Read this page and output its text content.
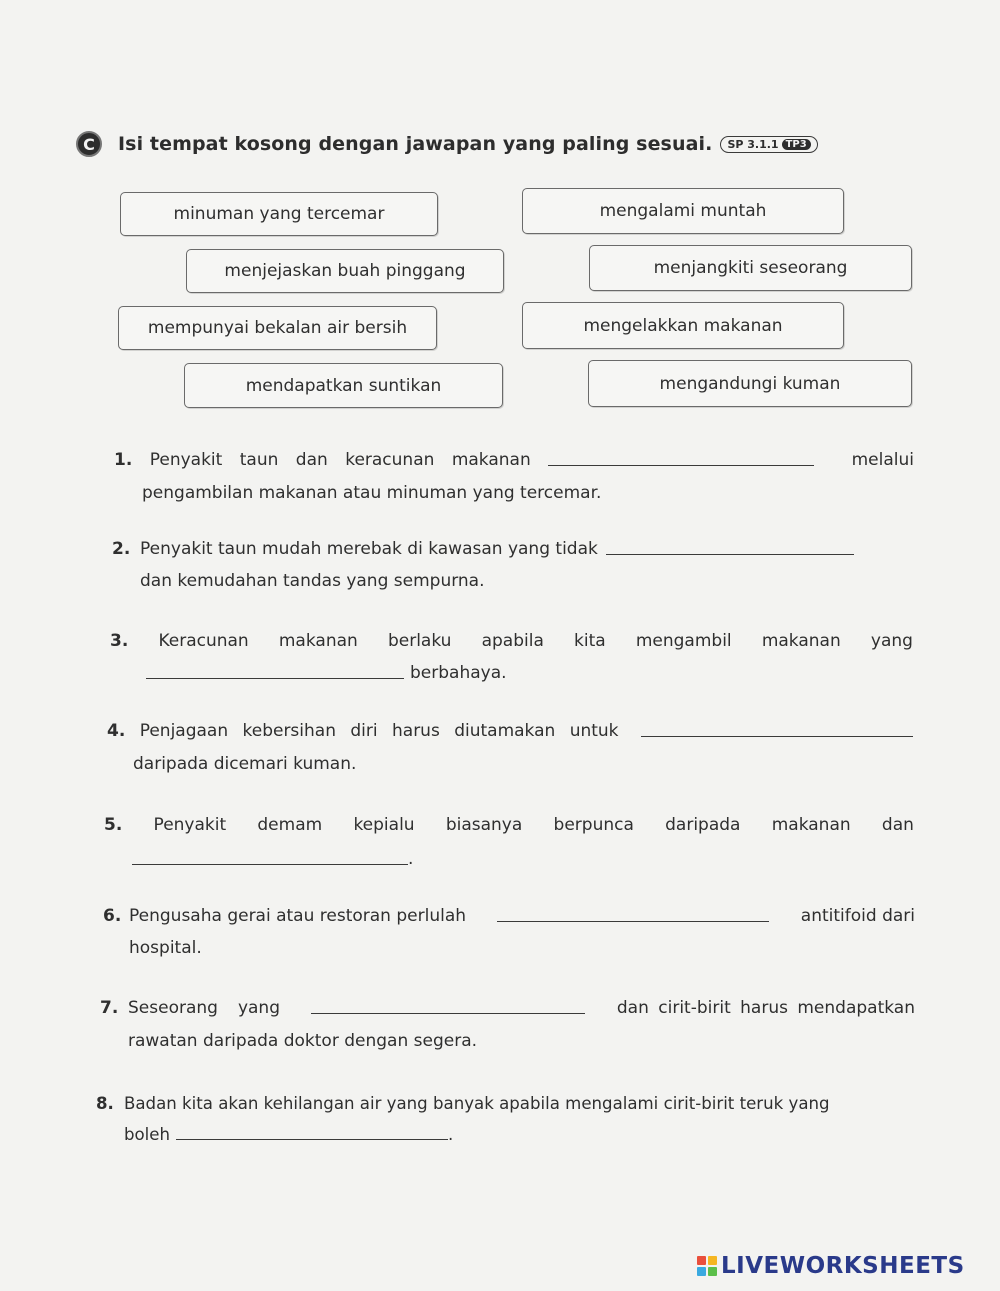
C	Isi tempat kosong dengan jawapan yang paling sesuai. SP 3.1.1 TP3
minuman yang tercemar	mengalami muntah
menjejaskan buah pinggang	menjangkiti seseorang
mempunyai bekalan air bersih	mengelakkan makanan
mendapatkan suntikan	mengandungi kuman
1. Penyakit taun dan keracunan makanan	melalui
pengambilan makanan atau minuman yang tercemar.
2. Penyakit taun mudah merebak di kawasan yang tidak
dan kemudahan tandas yang sempurna.
3. Keracunan makanan berlaku apabila kita mengambil makanan yang
berbahaya.
4. Penjagaan kebersihan diri harus diutamakan untuk
daripada dicemari kuman.
5. Penyakit demam kepialu biasanya berpunca daripada makanan dan
.
6. Pengusaha gerai atau restoran perlulah	antitifoid dari
hospital.
7. Seseorang yang	dan cirit-birit harus mendapatkan
rawatan daripada doktor dengan segera.
8. Badan kita akan kehilangan air yang banyak apabila mengalami cirit-birit teruk yang
boleh	.
LIVEWORKSHEETS
